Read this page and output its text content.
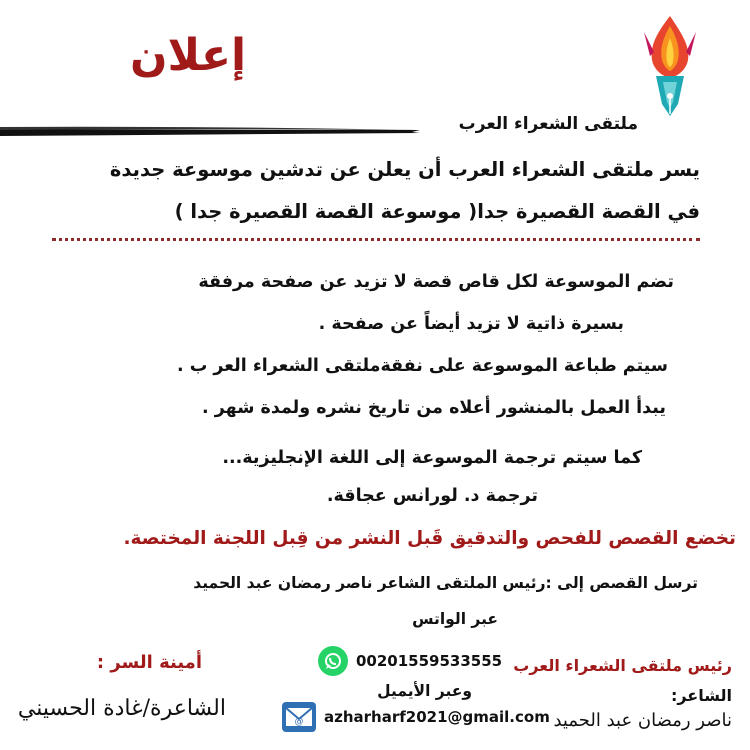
إعلان
ملتقى الشعراء العرب
يسر ملتقى الشعراء العرب أن يعلن عن تدشين موسوعة جديدة
في القصة القصيرة جدا( موسوعة القصة القصيرة جدا )
تضم الموسوعة لكل قاص قصة لا تزيد عن صفحة مرفقة
بسيرة ذاتية لا تزيد أيضاً عن صفحة .
سيتم طباعة الموسوعة على نفقةملتقى الشعراء العر ب .
يبدأ العمل بالمنشور أعلاه من تاريخ نشره ولمدة شهر .
كما سيتم ترجمة الموسوعة إلى اللغة الإنجليزية...
ترجمة د. لورانس عجاقة.
تخضع القصص للفحص والتدقيق قَبل النشر من قِبل اللجنة المختصة.
ترسل القصص إلى :رئيس الملتقى الشاعر ناصر رمضان عبد الحميد
عبر الواتس
00201559533555
وعبر الأيميل
@ azharharf2021@gmail.com
رئيس ملتقى الشعراء العرب
الشاعر:
ناصر رمضان عبد الحميد
أمينة السر :
الشاعرة/غادة الحسيني
